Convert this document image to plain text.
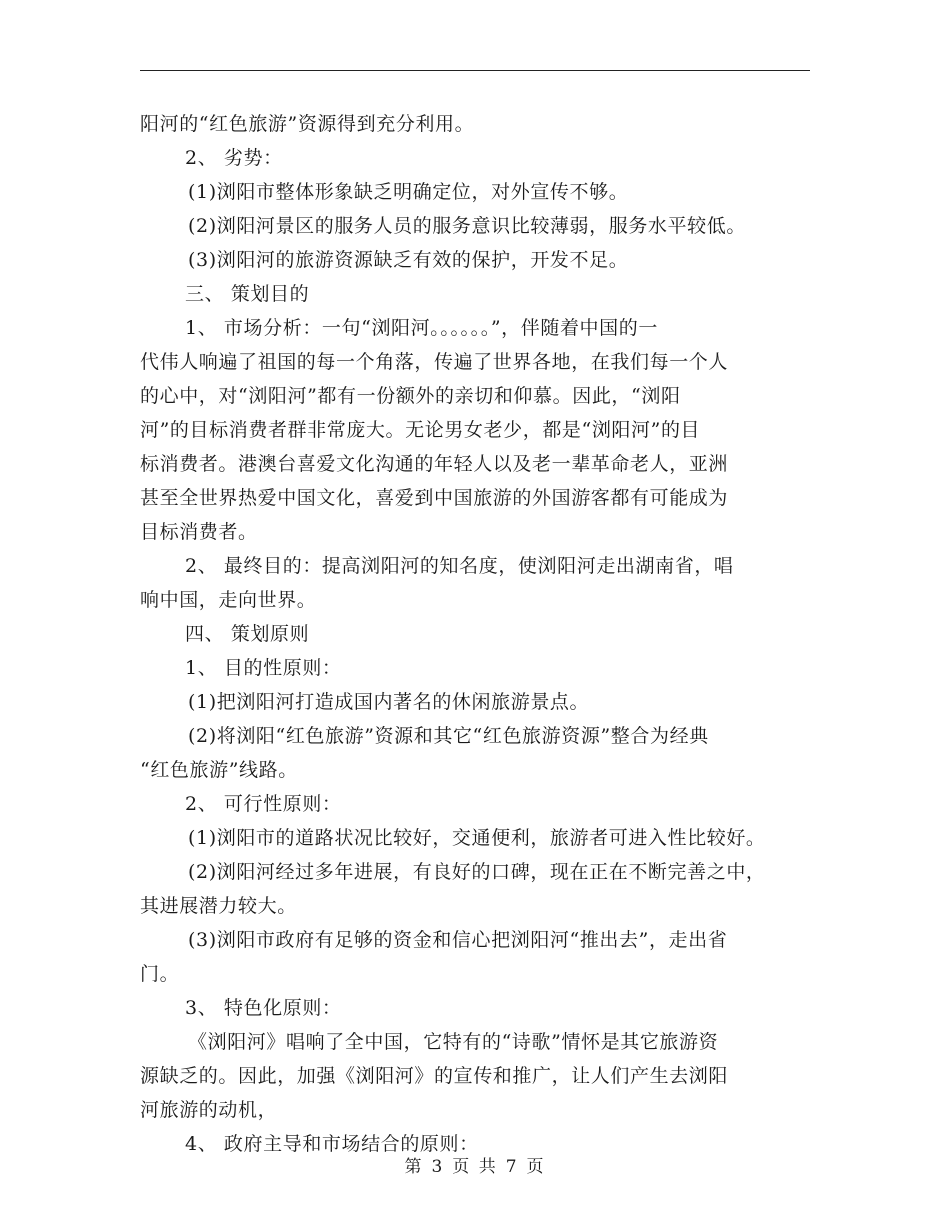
阳河的“红色旅游”资源得到充分利用。
2、 劣势：
(1)浏阳市整体形象缺乏明确定位，对外宣传不够。
(2)浏阳河景区的服务人员的服务意识比较薄弱，服务水平较低。
(3)浏阳河的旅游资源缺乏有效的保护，开发不足。
三、 策划目的
1、 市场分析：一句“浏阳河。。。。。。”，伴随着中国的一
代伟人响遍了祖国的每一个角落，传遍了世界各地，在我们每一个人
的心中，对“浏阳河”都有一份额外的亲切和仰慕。因此，“浏阳
河”的目标消费者群非常庞大。无论男女老少，都是“浏阳河”的目
标消费者。港澳台喜爱文化沟通的年轻人以及老一辈革命老人，亚洲
甚至全世界热爱中国文化，喜爱到中国旅游的外国游客都有可能成为
目标消费者。
2、 最终目的：提高浏阳河的知名度，使浏阳河走出湖南省，唱
响中国，走向世界。
四、 策划原则
1、 目的性原则：
(1)把浏阳河打造成国内著名的休闲旅游景点。
(2)将浏阳“红色旅游”资源和其它“红色旅游资源”整合为经典
“红色旅游”线路。
2、 可行性原则：
(1)浏阳市的道路状况比较好，交通便利，旅游者可进入性比较好。
(2)浏阳河经过多年进展，有良好的口碑，现在正在不断完善之中，
其进展潜力较大。
(3)浏阳市政府有足够的资金和信心把浏阳河“推出去”，走出省
门。
3、 特色化原则：
《浏阳河》唱响了全中国，它特有的“诗歌”情怀是其它旅游资
源缺乏的。因此，加强《浏阳河》的宣传和推广，让人们产生去浏阳
河旅游的动机，
4、 政府主导和市场结合的原则：
第 3 页 共 7 页
